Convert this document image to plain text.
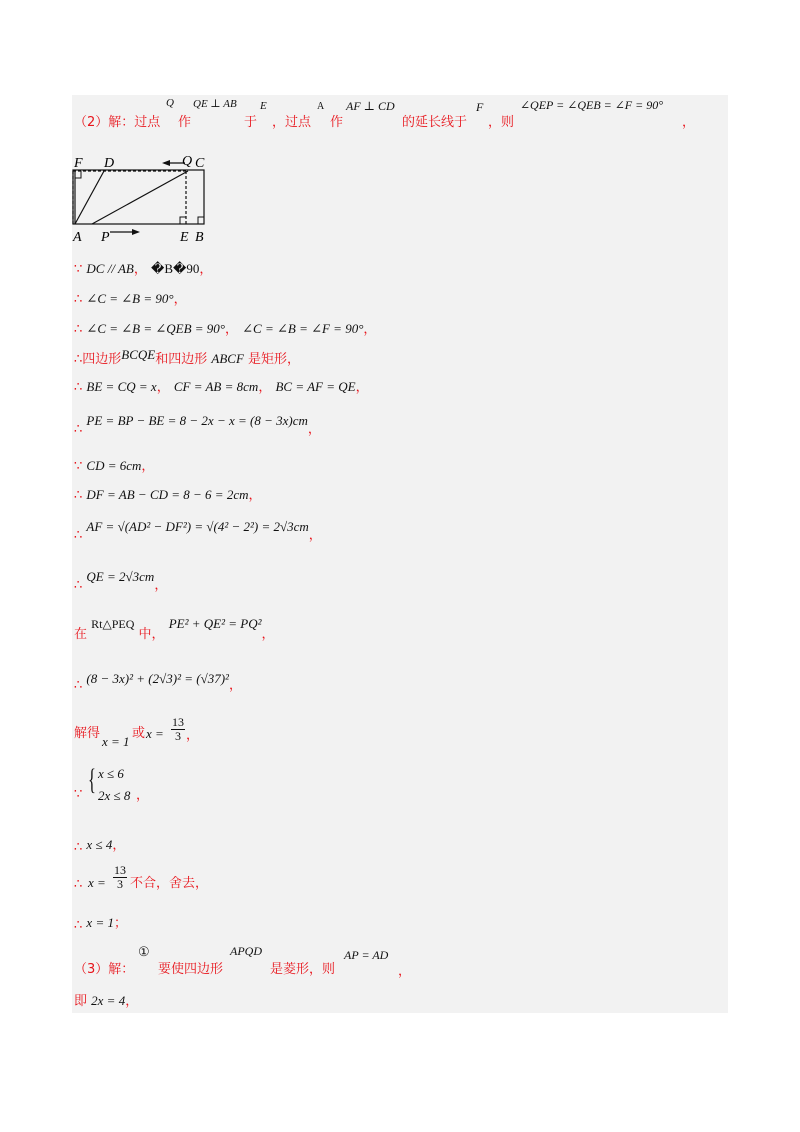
（2）解：过点
Q
作
QE ⊥ AB
于
E
，过点
A
作
AF ⊥ CD
的延长线于
F
，则
∠QEP = ∠QEB = ∠F = 90°
，
F D	Q C
A P	E B
∵ DC // AB， �B�90，
∴ ∠C = ∠B = 90°，
∴ ∠C = ∠B = ∠QEB = 90°， ∠C = ∠B = ∠F = 90°，
∴四边形BCQE和四边形 ABCF 是矩形，
∴ BE = CQ = x， CF = AB = 8cm， BC = AF = QE，
∴ PE = BP − BE = 8 − 2x − x = (8 − 3x)cm，
∵ CD = 6cm，
∴ DF = AB − CD = 8 − 6 = 2cm，
∴ AF = √(AD² − DF²) = √(4² − 2²) = 2√3cm，
∴ QE = 2√3cm，
在 Rt△PEQ 中， PE² + QE² = PQ²，
∴ (8 − 3x)² + (2√3)² = (√37)²，
解得
x = 1
或 $x = \frac{13}{3}$ ，
∵ { x ≤ 6
2x ≤ 8 ，
∴ x ≤ 4，
∴ $x = \frac{13}{3}$ 不合，舍去，
∴ x = 1；
（3）解：
①
要使四边形
APQD
是菱形，则
AP = AD
，
即 2x = 4，
